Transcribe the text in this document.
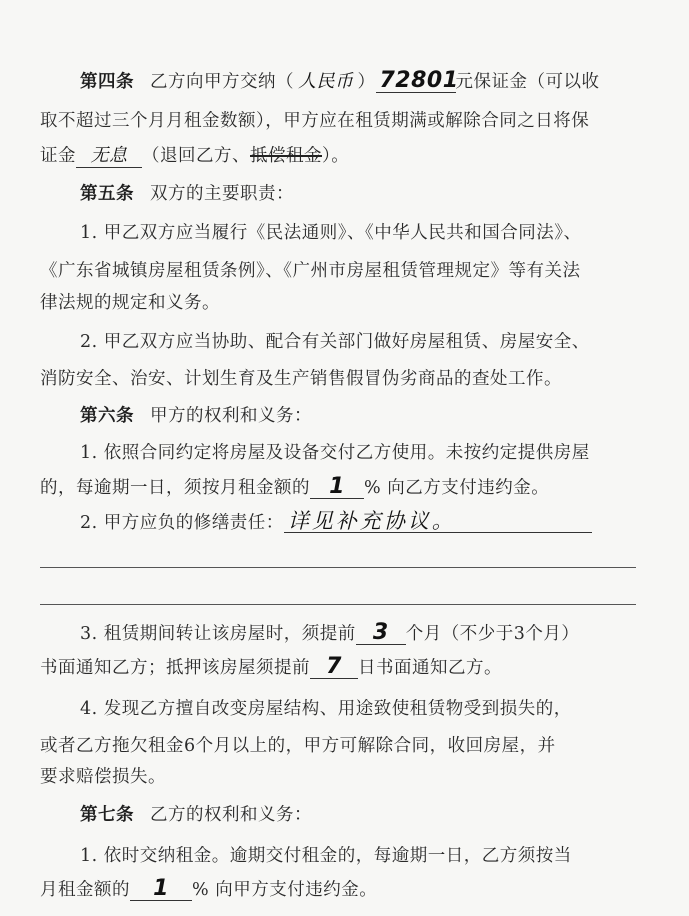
第四条 乙方向甲方交纳（ 人民币 ） 72801元保证金（可以收
取不超过三个月月租金数额），甲方应在租赁期满或解除合同之日将保
证金 无息 （退回乙方、抵偿租金）。
第五条 双方的主要职责：
1. 甲乙双方应当履行《民法通则》、《中华人民共和国合同法》、
《广东省城镇房屋租赁条例》、《广州市房屋租赁管理规定》等有关法
律法规的规定和义务。
2. 甲乙双方应当协助、配合有关部门做好房屋租赁、房屋安全、
消防安全、治安、计划生育及生产销售假冒伪劣商品的查处工作。
第六条 甲方的权利和义务：
1. 依照合同约定将房屋及设备交付乙方使用。未按约定提供房屋
的，每逾期一日，须按月租金额的 1 % 向乙方支付违约金。
2. 甲方应负的修缮责任： 详见补充协议。
3. 租赁期间转让该房屋时，须提前 3 个月（不少于3个月）
书面通知乙方；抵押该房屋须提前 7 日书面通知乙方。
4. 发现乙方擅自改变房屋结构、用途致使租赁物受到损失的，
或者乙方拖欠租金6个月以上的，甲方可解除合同，收回房屋，并
要求赔偿损失。
第七条 乙方的权利和义务：
1. 依时交纳租金。逾期交付租金的，每逾期一日，乙方须按当
月租金额的 1 % 向甲方支付违约金。
